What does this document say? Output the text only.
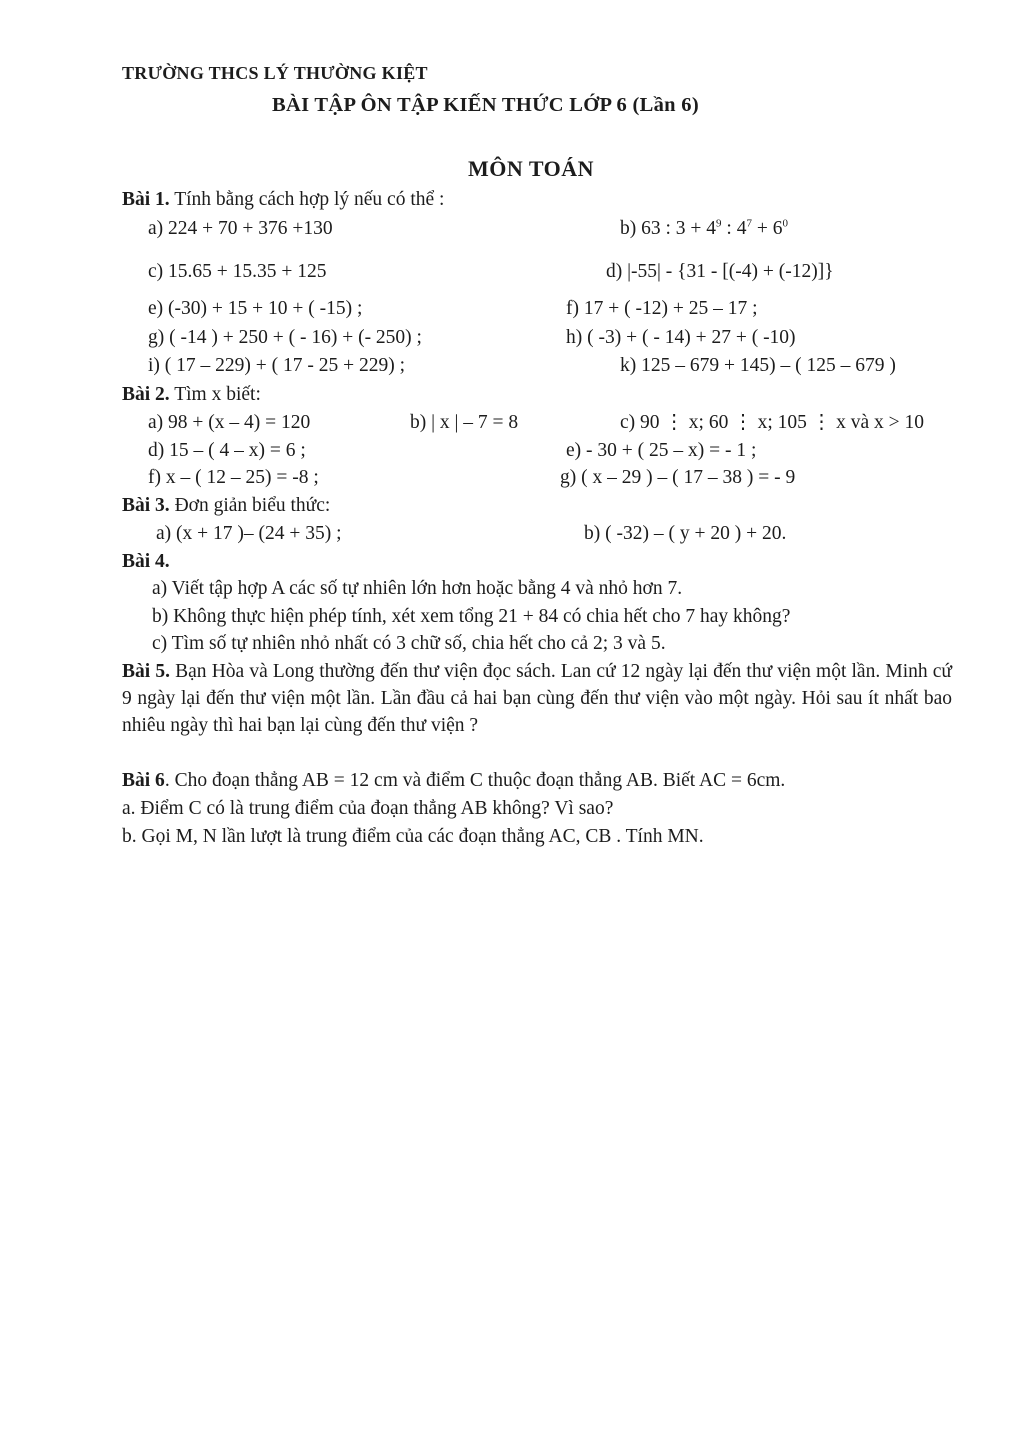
TRƯỜNG THCS LÝ THƯỜNG KIỆT
BÀI TẬP ÔN TẬP KIẾN THỨC LỚP 6 (Lần 6)
MÔN TOÁN
Bài 1. Tính bằng cách hợp lý nếu có thể :
a) 224 + 70 + 376 +130	b) 63 : $3 + 4^9$ : $4^7 + 6^0$
c) 15.65 + 15.35 + 125	d) |-55| - {31 - [(-4) + (-12)]}
e) (-30) + 15 + 10 + ( -15) ;	f) 17 + ( -12) + 25 – 17 ;
g) ( -14 ) + 250 + ( - 16) + (- 250) ;	h) ( -3) + ( - 14) + 27 + ( -10)
i) ( 17 – 229) + ( 17 - 25 + 229) ;	k) 125 – 679 + 145) – ( 125 – 679 )
Bài 2. Tìm x biết:
a) 98 + (x – 4) = 120	b) | x | – 7 = 8	c) 90 ⋮ x; 60 ⋮ x; 105 ⋮ x và x > 10
d) 15 – ( 4 – x) = 6 ;	e) - 30 + ( 25 – x) = - 1 ;
f) x – ( 12 – 25) = -8 ;	g) ( x – 29 ) – ( 17 – 38 ) = - 9
Bài 3. Đơn giản biểu thức:
a) (x + 17 )– (24 + 35) ;	b) ( -32) – ( y + 20 ) + 20.
Bài 4.
a) Viết tập hợp A các số tự nhiên lớn hơn hoặc bằng 4 và nhỏ hơn 7.
b) Không thực hiện phép tính, xét xem tổng 21 + 84 có chia hết cho 7 hay không?
c) Tìm số tự nhiên nhỏ nhất có 3 chữ số, chia hết cho cả 2; 3 và 5.
Bài 5. Bạn Hòa và Long thường đến thư viện đọc sách. Lan cứ 12 ngày lại đến thư viện một lần. Minh cứ 9 ngày lại đến thư viện một lần. Lần đầu cả hai bạn cùng đến thư viện vào một ngày. Hỏi sau ít nhất bao nhiêu ngày thì hai bạn lại cùng đến thư viện ?
Bài 6. Cho đoạn thẳng AB = 12 cm và điểm C thuộc đoạn thẳng AB. Biết AC = 6cm.
a. Điểm C có là trung điểm của đoạn thẳng AB không? Vì sao?
b. Gọi M, N lần lượt là trung điểm của các đoạn thẳng AC, CB . Tính MN.
